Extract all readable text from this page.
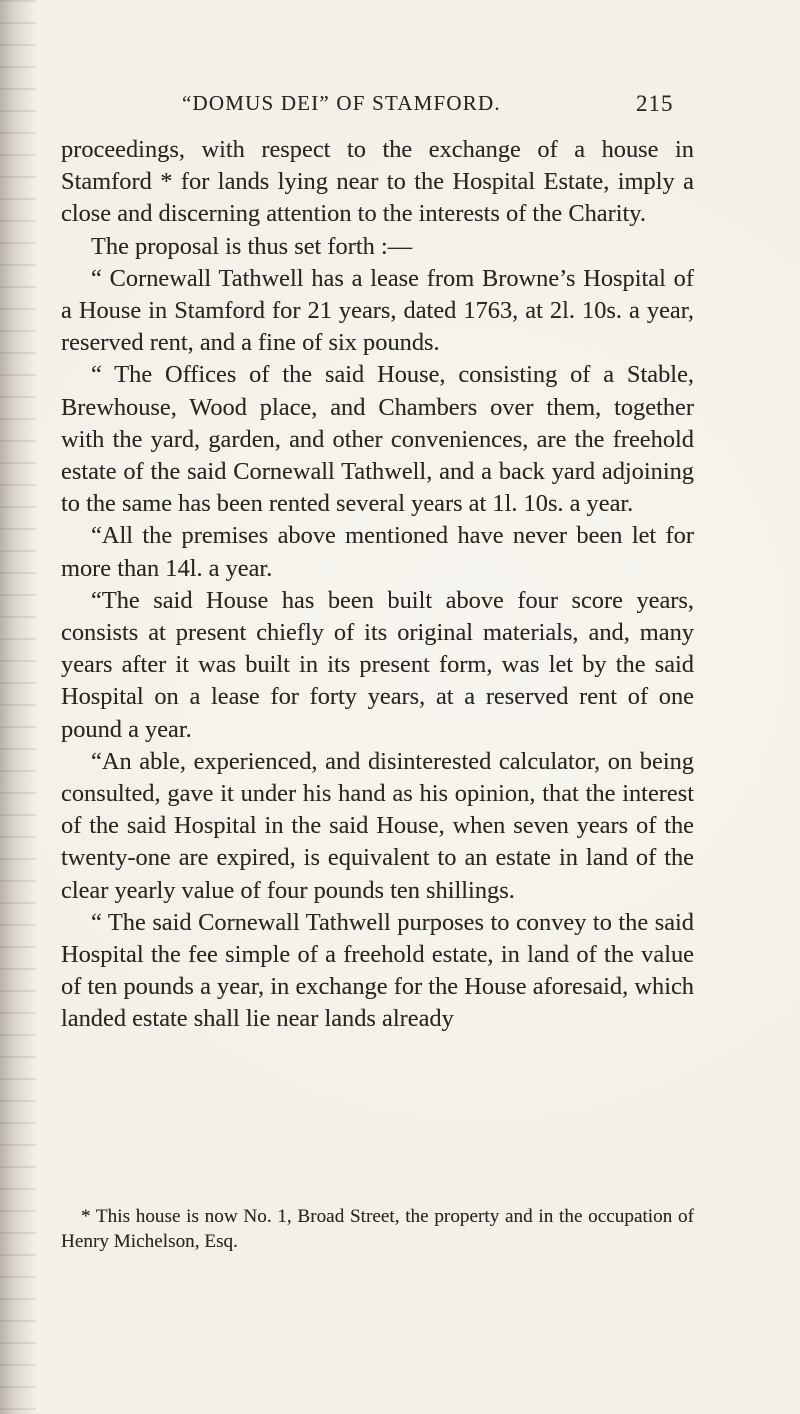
“DOMUS DEI” OF STAMFORD.	215

proceedings, with respect to the exchange of a house in Stamford * for lands lying near to the Hospital Estate, imply a close and discerning attention to the interests of the Charity.

The proposal is thus set forth :—

“ Cornewall Tathwell has a lease from Browne’s Hospital of a House in Stamford for 21 years, dated 1763, at 2l. 10s. a year, reserved rent, and a fine of six pounds.

“ The Offices of the said House, consisting of a Stable, Brewhouse, Wood place, and Chambers over them, together with the yard, garden, and other conveniences, are the freehold estate of the said Cornewall Tathwell, and a back yard adjoining to the same has been rented several years at 1l. 10s. a year.

“All the premises above mentioned have never been let for more than 14l. a year.

“The said House has been built above four score years, consists at present chiefly of its original materials, and, many years after it was built in its present form, was let by the said Hospital on a lease for forty years, at a reserved rent of one pound a year.

“An able, experienced, and disinterested calculator, on being consulted, gave it under his hand as his opinion, that the interest of the said Hospital in the said House, when seven years of the twenty-one are expired, is equivalent to an estate in land of the clear yearly value of four pounds ten shillings.

“ The said Cornewall Tathwell purposes to convey to the said Hospital the fee simple of a freehold estate, in land of the value of ten pounds a year, in exchange for the House aforesaid, which landed estate shall lie near lands already

* This house is now No. 1, Broad Street, the property and in the occupation of Henry Michelson, Esq.
